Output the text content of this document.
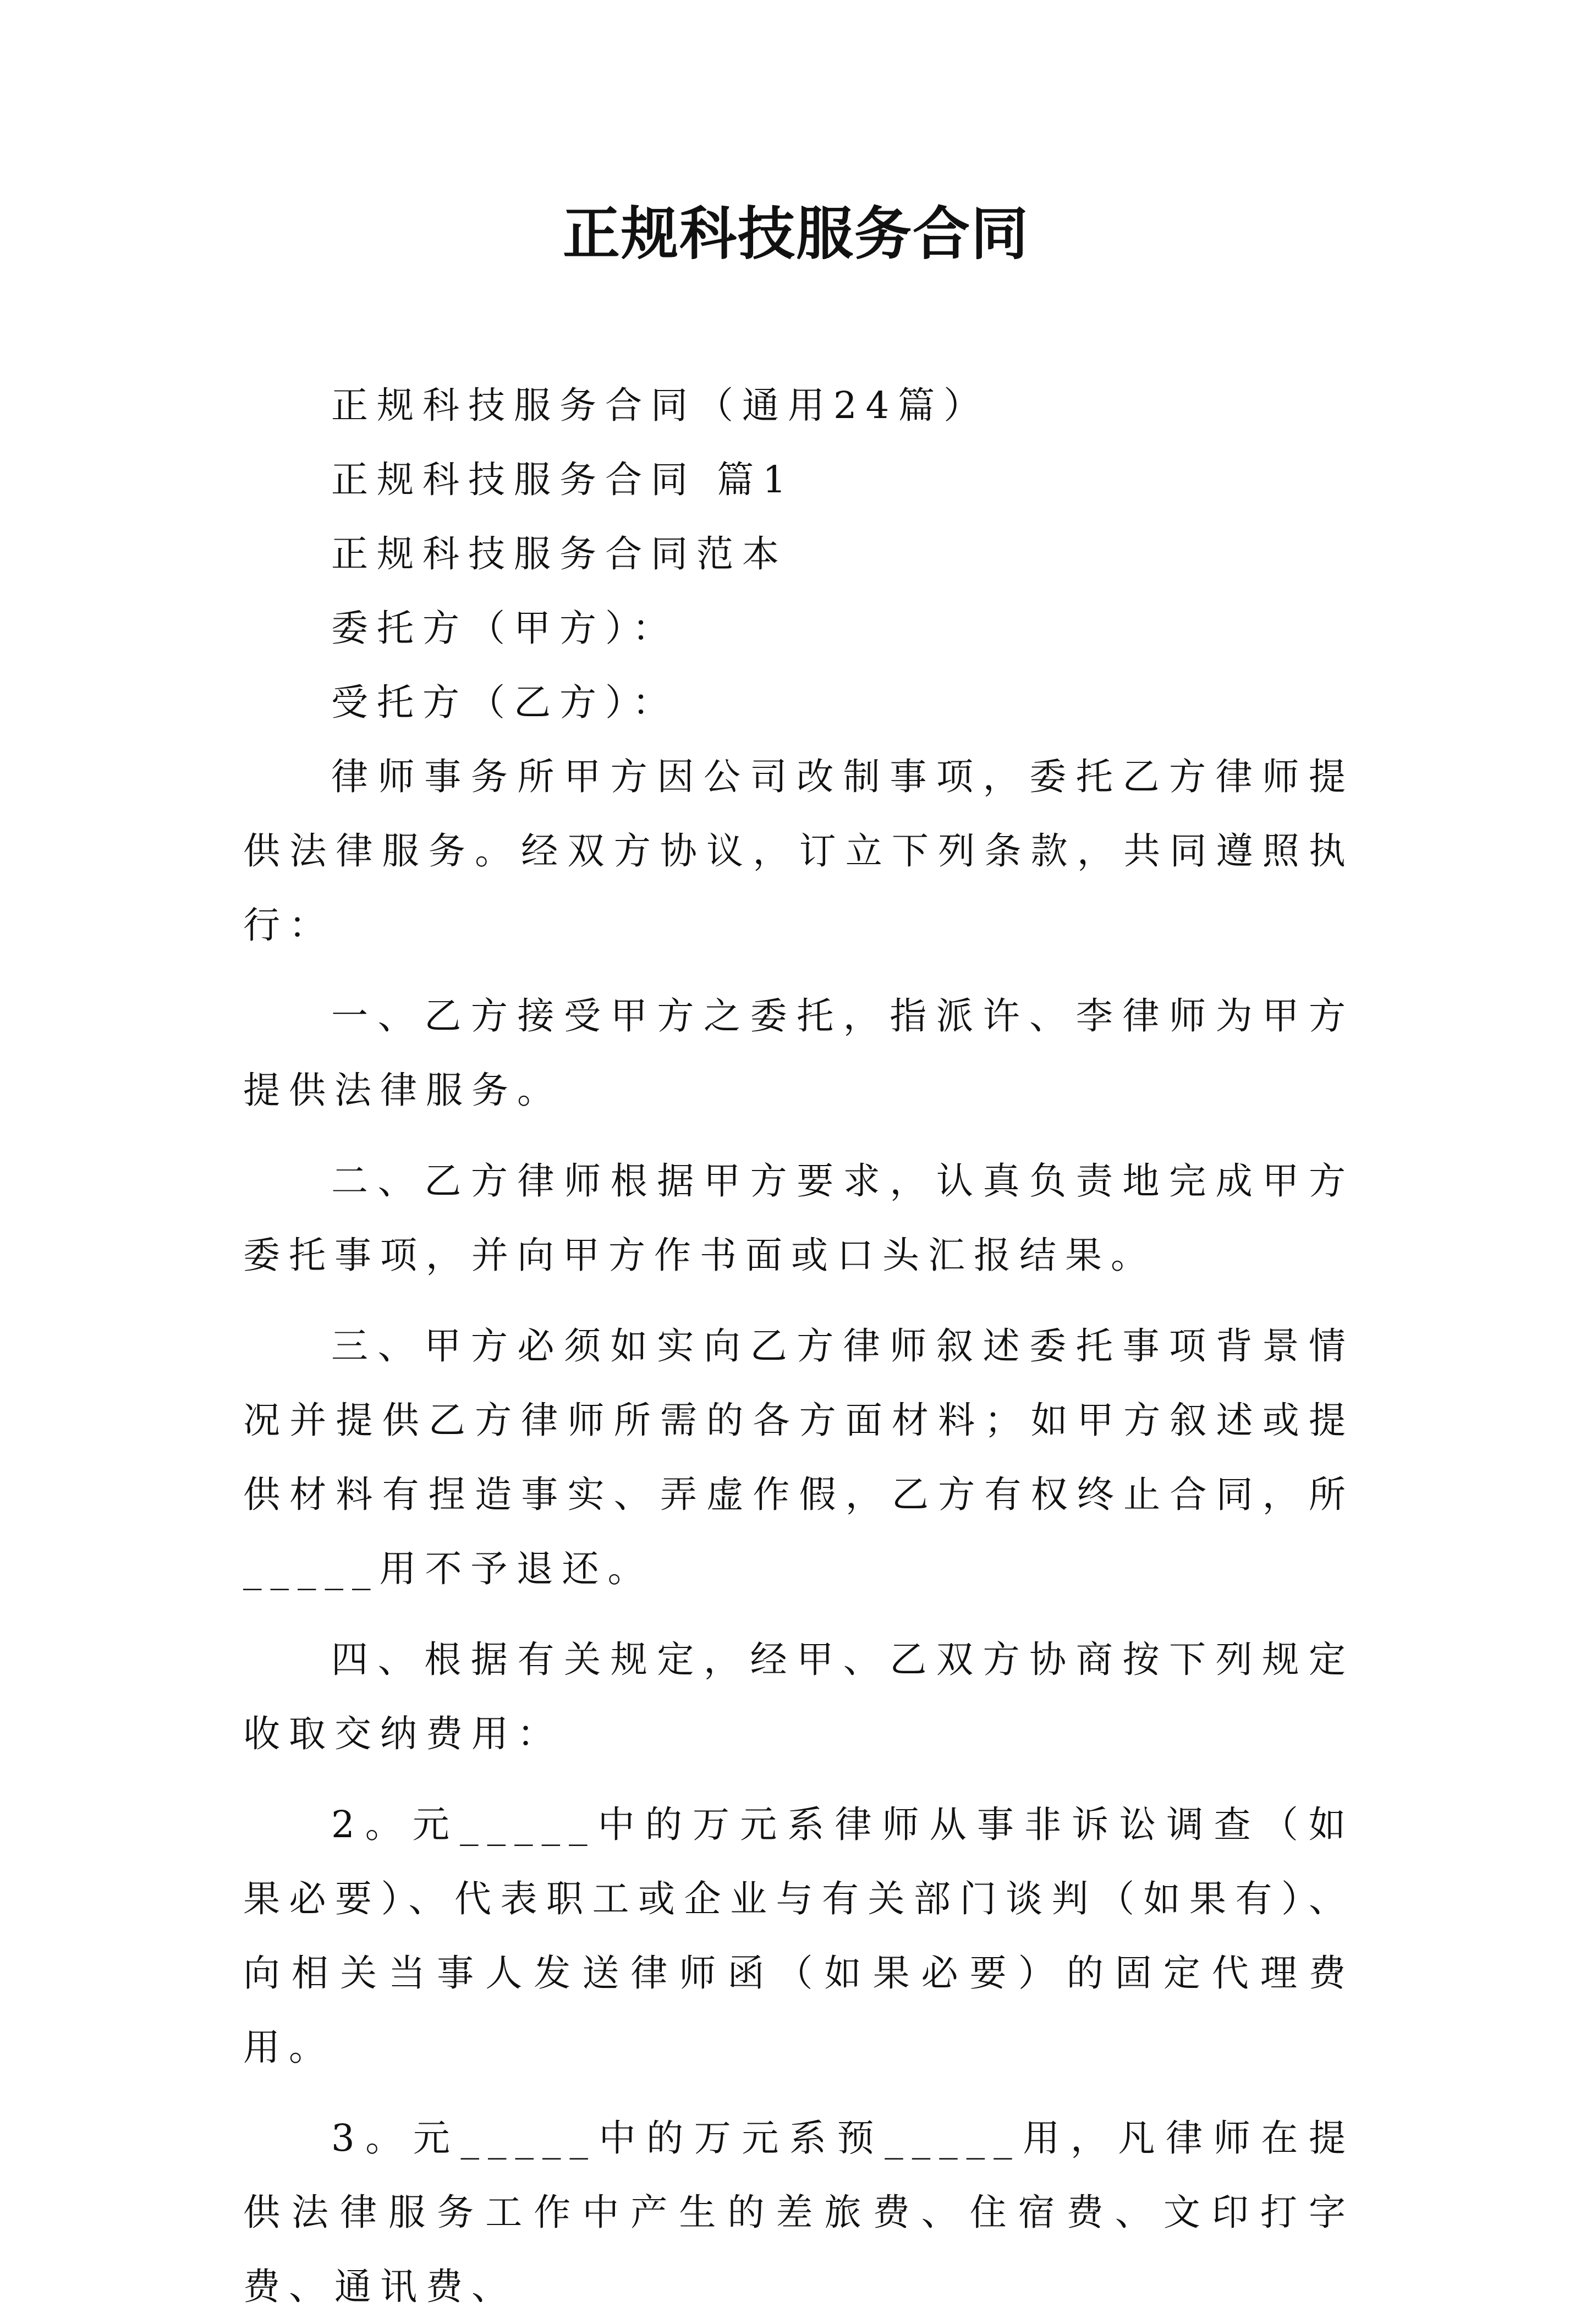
正规科技服务合同

正规科技服务合同（通用24篇）

正规科技服务合同 篇1

正规科技服务合同范本

委托方（甲方）：

受托方（乙方）：

律师事务所甲方因公司改制事项，委托乙方律师提供法律服务。经双方协议，订立下列条款，共同遵照执行：

一、乙方接受甲方之委托，指派许、李律师为甲方提供法律服务。

二、乙方律师根据甲方要求，认真负责地完成甲方委托事项，并向甲方作书面或口头汇报结果。

三、甲方必须如实向乙方律师叙述委托事项背景情况并提供乙方律师所需的各方面材料；如甲方叙述或提供材料有捏造事实、弄虚作假，乙方有权终止合同，所_____用不予退还。

四、根据有关规定，经甲、乙双方协商按下列规定收取交纳费用：

2。元_____中的万元系律师从事非诉讼调查（如果必要）、代表职工或企业与有关部门谈判（如果有）、向相关当事人发送律师函（如果必要）的固定代理费用。

3。元_____中的万元系预_____用，凡律师在提供法律服务工作中产生的差旅费、住宿费、文印打字费、通讯费、
